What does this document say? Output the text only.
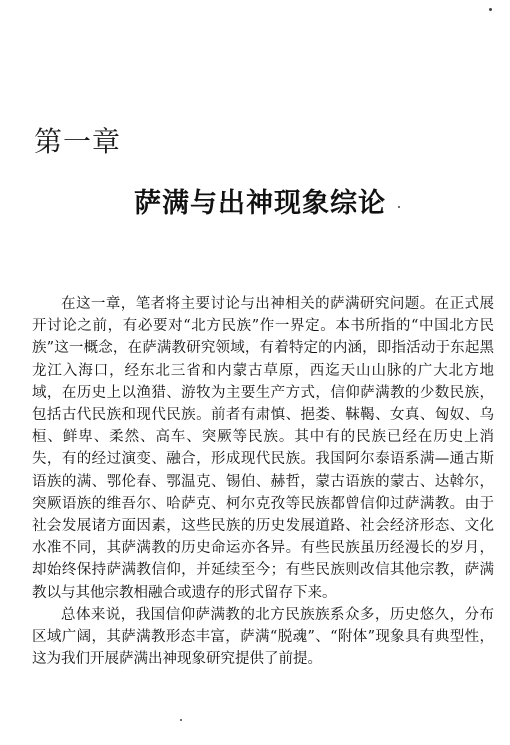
第一章
萨满与出神现象综论

在这一章，笔者将主要讨论与出神相关的萨满研究问题。在正式展开讨论之前，有必要对“北方民族”作一界定。本书所指的“中国北方民族”这一概念，在萨满教研究领域，有着特定的内涵，即指活动于东起黑龙江入海口，经东北三省和内蒙古草原，西迄天山山脉的广大北方地域，在历史上以渔猎、游牧为主要生产方式，信仰萨满教的少数民族，包括古代民族和现代民族。前者有肃慎、挹娄、靺鞨、女真、匈奴、乌桓、鲜卑、柔然、高车、突厥等民族。其中有的民族已经在历史上消失，有的经过演变、融合，形成现代民族。我国阿尔泰语系满—通古斯语族的满、鄂伦春、鄂温克、锡伯、赫哲，蒙古语族的蒙古、达斡尔，突厥语族的维吾尔、哈萨克、柯尔克孜等民族都曾信仰过萨满教。由于社会发展诸方面因素，这些民族的历史发展道路、社会经济形态、文化水准不同，其萨满教的历史命运亦各异。有些民族虽历经漫长的岁月，却始终保持萨满教信仰，并延续至今；有些民族则改信其他宗教，萨满教以与其他宗教相融合或遗存的形式留存下来。

总体来说，我国信仰萨满教的北方民族族系众多，历史悠久，分布区域广阔，其萨满教形态丰富，萨满“脱魂”、“附体”现象具有典型性，这为我们开展萨满出神现象研究提供了前提。
